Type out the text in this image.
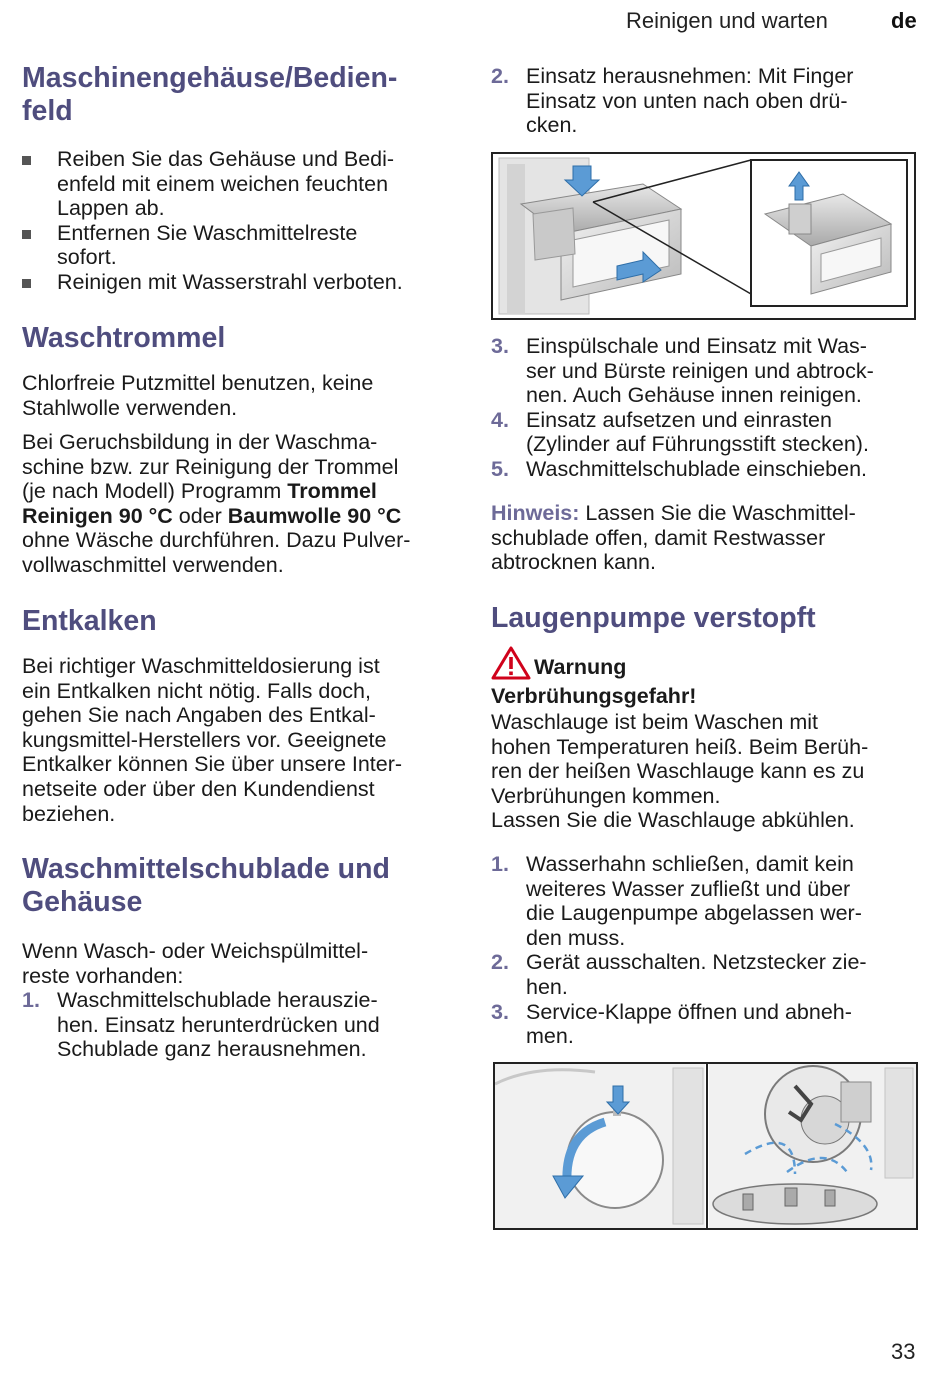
Reinigen und warten	de
Maschinengehäuse/Bedien-
feld
Reiben Sie das Gehäuse und Bedi-
enfeld mit einem weichen feuchten
Lappen ab.
Entfernen Sie Waschmittelreste
sofort.
Reinigen mit Wasserstrahl verboten.
Waschtrommel

Chlorfreie Putzmittel benutzen, keine
Stahlwolle verwenden.

Bei Geruchsbildung in der Waschma-
schine bzw. zur Reinigung der Trommel
(je nach Modell) Programm Trommel
Reinigen 90 °C oder Baumwolle 90 °C
ohne Wäsche durchführen. Dazu Pulver-
vollwaschmittel verwenden.

Entkalken

Bei richtiger Waschmitteldosierung ist
ein Entkalken nicht nötig. Falls doch,
gehen Sie nach Angaben des Entkal-
kungsmittel-Herstellers vor. Geeignete
Entkalker können Sie über unsere Inter-
netseite oder über den Kundendienst
beziehen.

Waschmittelschublade und
Gehäuse

Wenn Wasch- oder Weichspülmittel-
reste vorhanden:

1. Waschmittelschublade herauszie-
hen. Einsatz herunterdrücken und
Schublade ganz herausnehmen.
2. Einsatz herausnehmen: Mit Finger
Einsatz von unten nach oben drü-
cken.
3. Einspülschale und Einsatz mit Was-
ser und Bürste reinigen und abtrock-
nen. Auch Gehäuse innen reinigen.
4. Einsatz aufsetzen und einrasten
(Zylinder auf Führungsstift stecken).
5. Waschmittelschublade einschieben.

Hinweis: Lassen Sie die Waschmittel-
schublade offen, damit Restwasser
abtrocknen kann.

Laugenpumpe verstopft
Warnung
Verbrühungsgefahr!

Waschlauge ist beim Waschen mit
hohen Temperaturen heiß. Beim Berüh-
ren der heißen Waschlauge kann es zu
Verbrühungen kommen.
Lassen Sie die Waschlauge abkühlen.

1. Wasserhahn schließen, damit kein
weiteres Wasser zufließt und über
die Laugenpumpe abgelassen wer-
den muss.
2. Gerät ausschalten. Netzstecker zie-
hen.
3. Service-Klappe öffnen und abneh-
men.
33
